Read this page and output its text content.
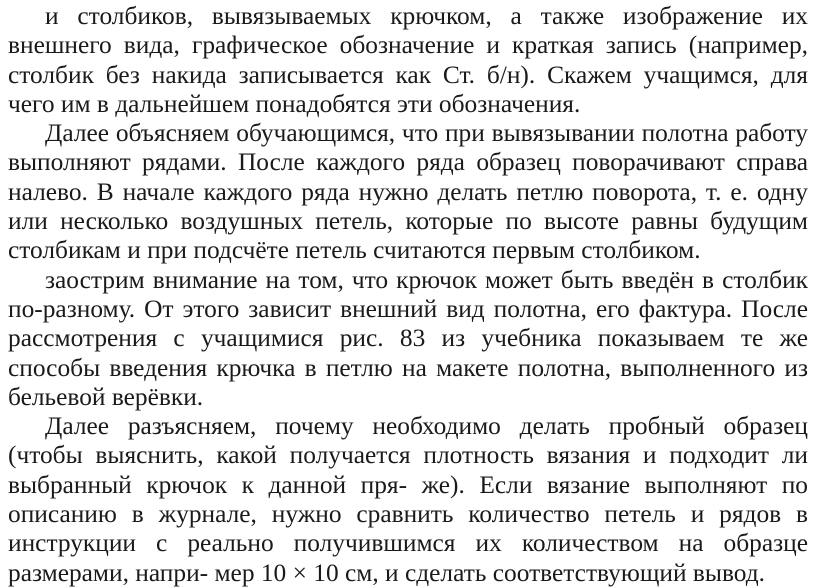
и столбиков, вывязываемых крючком, а также изображение их внешнего вида, графическое обозначение и краткая запись (например, столбик без накида записывается как Ст. б/н). Скажем учащимся, для чего им в дальнейшем понадобятся эти обозначения.

Далее объясняем обучающимся, что при вывязывании полотна работу выполняют рядами. После каждого ряда образец поворачивают справа налево. В начале каждого ряда нужно делать петлю поворота, т. е. одну или несколько воздушных петель, которые по высоте равны будущим столбикам и при подсчёте петель считаются первым столбиком.

заострим внимание на том, что крючок может быть введён в столбик по-разному. От этого зависит внешний вид полотна, его фактура. После рассмотрения с учащимися рис. 83 из учебника показываем те же способы введения крючка в петлю на макете полотна, выполненного из бельевой верёвки.

Далее разъясняем, почему необходимо делать пробный образец (чтобы выяснить, какой получается плотность вязания и подходит ли выбранный крючок к данной пря- же). Если вязание выполняют по описанию в журнале, нужно сравнить количество петель и рядов в инструкции с реально получившимся их количеством на образце размерами, напри- мер 10 × 10 см, и сделать соответствующий вывод.
